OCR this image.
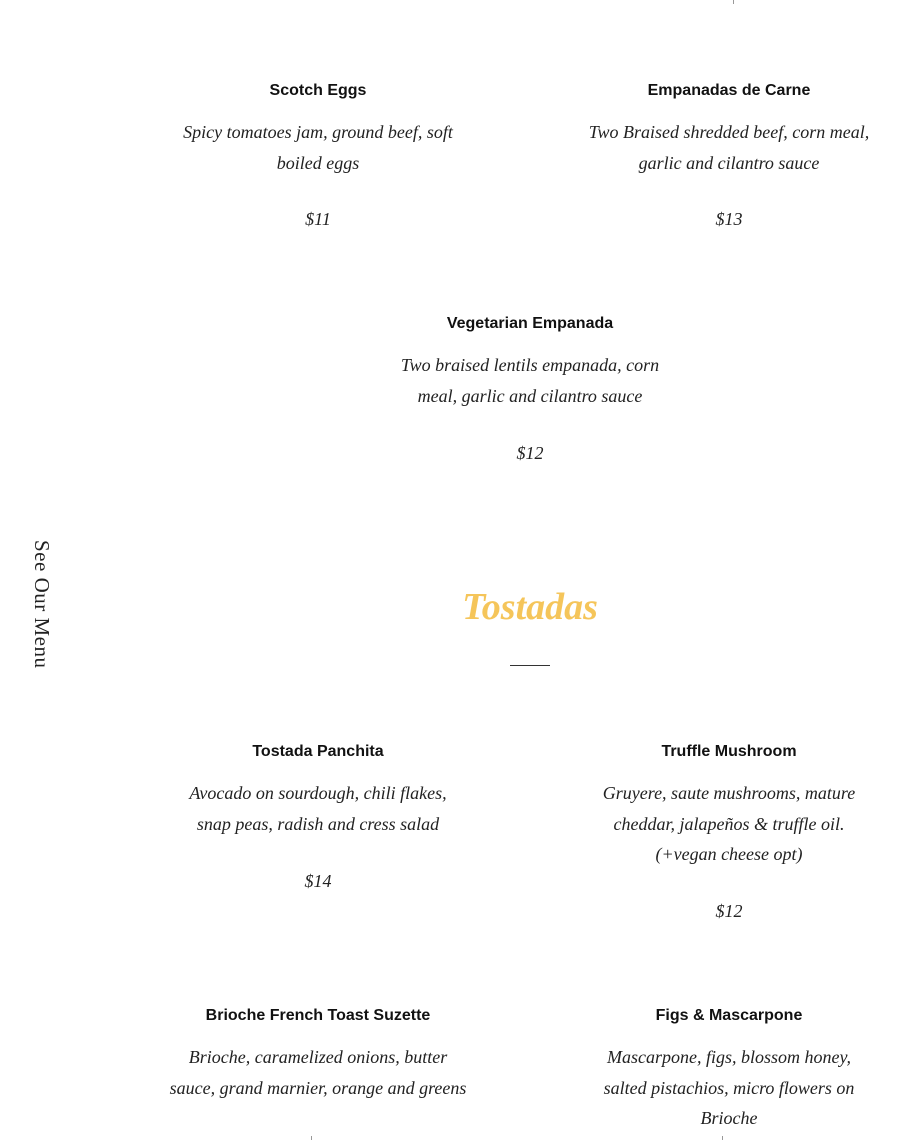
See Our Menu

Scotch Eggs

Spicy tomatoes jam, ground beef, soft boiled eggs

$11

Empanadas de Carne

Two Braised shredded beef, corn meal, garlic and cilantro sauce

$13

Vegetarian Empanada

Two braised lentils empanada, corn meal, garlic and cilantro sauce

$12
Tostadas

Tostada Panchita

Avocado on sourdough, chili flakes, snap peas, radish and cress salad

$14

Truffle Mushroom

Gruyere, saute mushrooms, mature cheddar, jalapeños & truffle oil. (+vegan cheese opt)

$12

Brioche French Toast Suzette

Brioche, caramelized onions, butter sauce, grand marnier, orange and greens

Figs & Mascarpone

Mascarpone, figs, blossom honey, salted pistachios, micro flowers on Brioche
